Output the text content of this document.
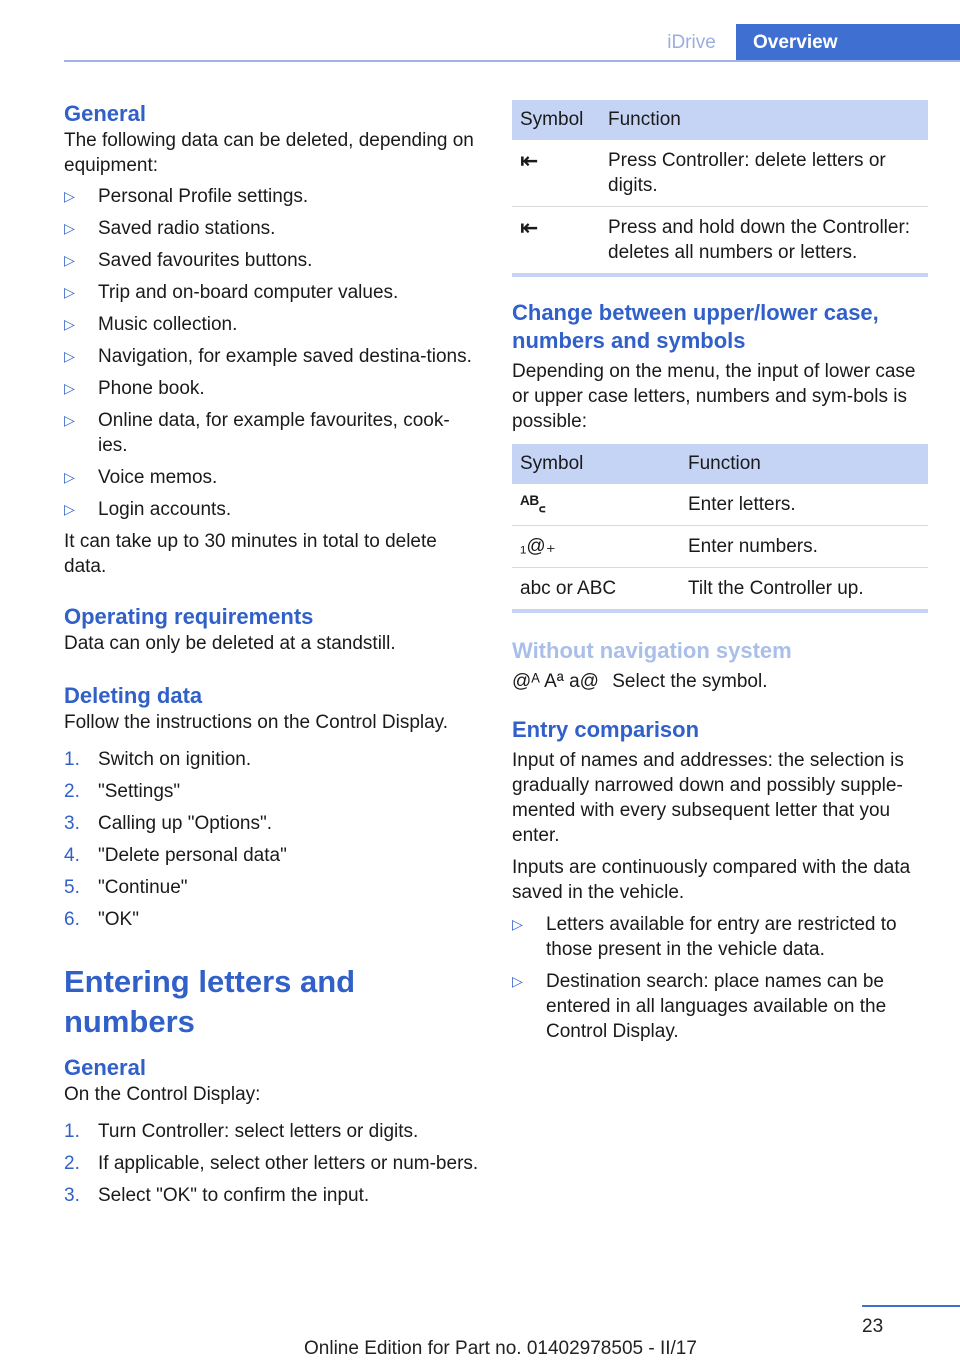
iDrive	Overview
General

The following data can be deleted, depending on equipment:

▷ Personal Profile settings.
▷ Saved radio stations.
▷ Saved favourites buttons.
▷ Trip and on-board computer values.
▷ Music collection.
▷ Navigation, for example saved destina‐tions.
▷ Phone book.
▷ Online data, for example favourites, cook‐ies.
▷ Voice memos.
▷ Login accounts.

It can take up to 30 minutes in total to delete data.

Operating requirements

Data can only be deleted at a standstill.

Deleting data

Follow the instructions on the Control Display.

1. Switch on ignition.
2. "Settings"
3. Calling up "Options".
4. "Delete personal data"
5. "Continue"
6. "OK"
Entering letters and numbers
General

On the Control Display:

1. Turn Controller: select letters or digits.
2. If applicable, select other letters or num‐bers.
3. Select "OK" to confirm the input.
Symbol	Function
⇤	Press Controller: delete letters or digits.
⇤	Press and hold down the Controller: deletes all numbers or letters.
Change between upper/lower case, numbers and symbols

Depending on the menu, the input of lower case or upper case letters, numbers and sym‐bols is possible:

Symbol	Function
ᴬᴮ꜀	Enter letters.
₁@₊	Enter numbers.
abc or ABC	Tilt the Controller up.
Without navigation system

@ᴬ Aª a@ Select the symbol.

Entry comparison

Input of names and addresses: the selection is gradually narrowed down and possibly supple‐mented with every subsequent letter that you enter.

Inputs are continuously compared with the data saved in the vehicle.

▷ Letters available for entry are restricted to those present in the vehicle data.
▷ Destination search: place names can be entered in all languages available on the Control Display.
23
Online Edition for Part no. 01402978505 - II/17
